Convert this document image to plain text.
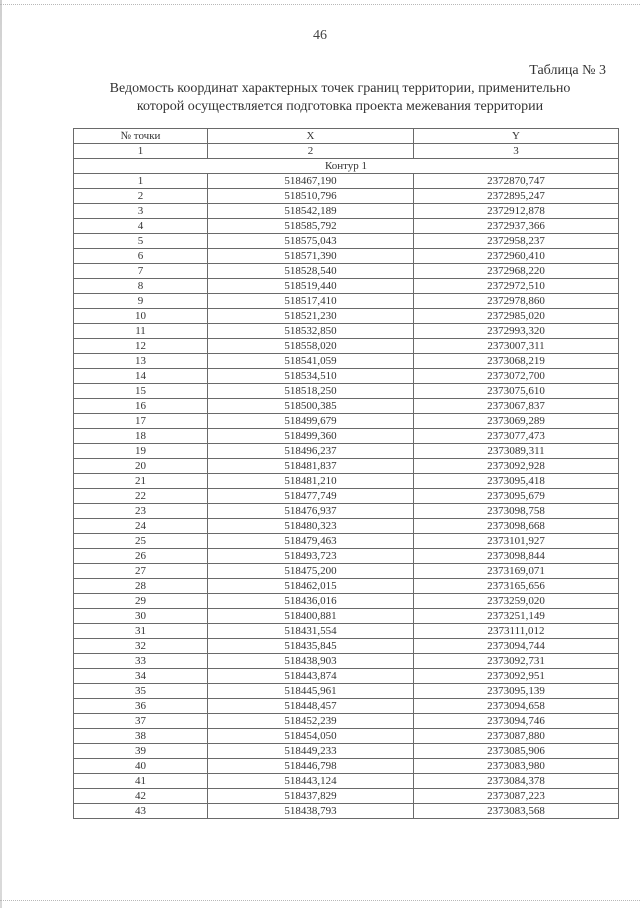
46
Таблица № 3
Ведомость координат характерных точек границ территории, применительно
которой осуществляется подготовка проекта межевания территории
№ точки	X	Y
1	2	3
Контур 1		
1	518467,190	2372870,747
2	518510,796	2372895,247
3	518542,189	2372912,878
4	518585,792	2372937,366
5	518575,043	2372958,237
6	518571,390	2372960,410
7	518528,540	2372968,220
8	518519,440	2372972,510
9	518517,410	2372978,860
10	518521,230	2372985,020
11	518532,850	2372993,320
12	518558,020	2373007,311
13	518541,059	2373068,219
14	518534,510	2373072,700
15	518518,250	2373075,610
16	518500,385	2373067,837
17	518499,679	2373069,289
18	518499,360	2373077,473
19	518496,237	2373089,311
20	518481,837	2373092,928
21	518481,210	2373095,418
22	518477,749	2373095,679
23	518476,937	2373098,758
24	518480,323	2373098,668
25	518479,463	2373101,927
26	518493,723	2373098,844
27	518475,200	2373169,071
28	518462,015	2373165,656
29	518436,016	2373259,020
30	518400,881	2373251,149
31	518431,554	2373111,012
32	518435,845	2373094,744
33	518438,903	2373092,731
34	518443,874	2373092,951
35	518445,961	2373095,139
36	518448,457	2373094,658
37	518452,239	2373094,746
38	518454,050	2373087,880
39	518449,233	2373085,906
40	518446,798	2373083,980
41	518443,124	2373084,378
42	518437,829	2373087,223
43	518438,793	2373083,568
